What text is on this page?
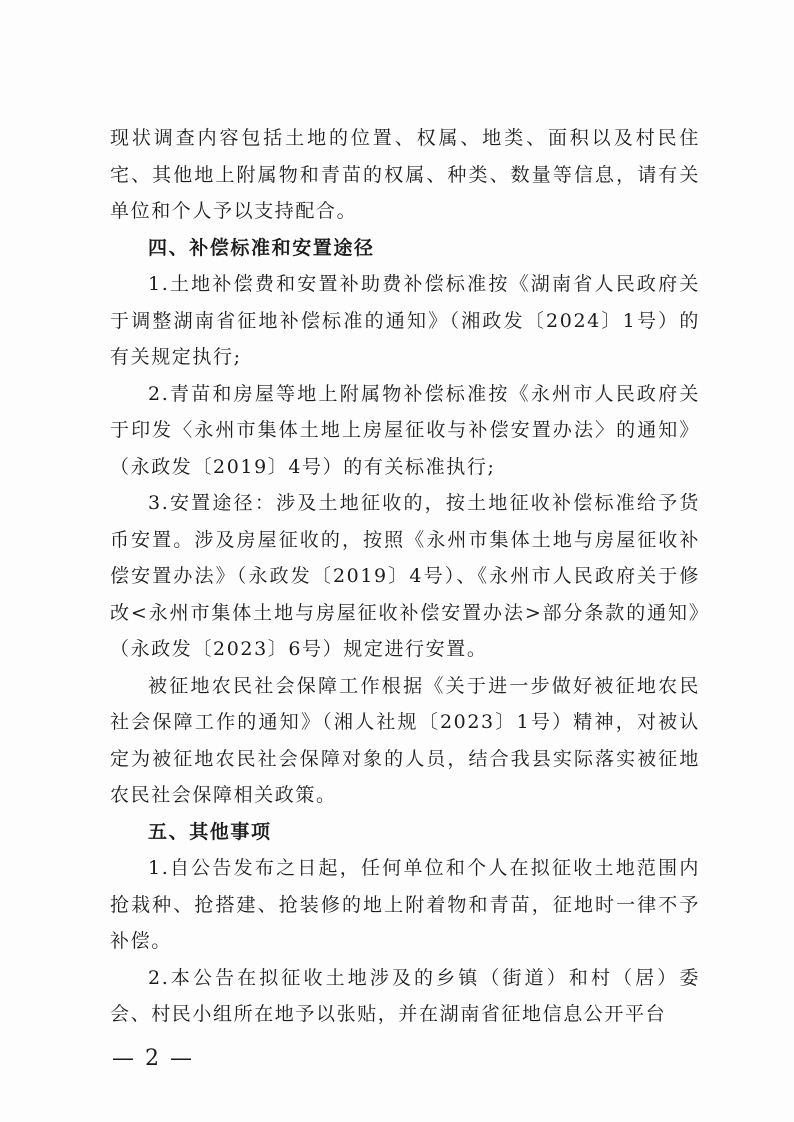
现状调查内容包括土地的位置、权属、地类、面积以及村民住宅、其他地上附属物和青苗的权属、种类、数量等信息，请有关单位和个人予以支持配合。

四、补偿标准和安置途径

1.土地补偿费和安置补助费补偿标准按《湖南省人民政府关于调整湖南省征地补偿标准的通知》（湘政发〔2024〕1号）的有关规定执行;

2.青苗和房屋等地上附属物补偿标准按《永州市人民政府关于印发〈永州市集体土地上房屋征收与补偿安置办法〉的通知》（永政发〔2019〕4号）的有关标准执行;

3.安置途径：涉及土地征收的，按土地征收补偿标准给予货币安置。涉及房屋征收的，按照《永州市集体土地与房屋征收补偿安置办法》（永政发〔2019〕4号）、《永州市人民政府关于修改<永州市集体土地与房屋征收补偿安置办法>部分条款的通知》（永政发〔2023〕6号）规定进行安置。

被征地农民社会保障工作根据《关于进一步做好被征地农民社会保障工作的通知》（湘人社规〔2023〕1号）精神，对被认定为被征地农民社会保障对象的人员，结合我县实际落实被征地农民社会保障相关政策。

五、其他事项

1.自公告发布之日起，任何单位和个人在拟征收土地范围内抢栽种、抢搭建、抢装修的地上附着物和青苗，征地时一律不予补偿。

2.本公告在拟征收土地涉及的乡镇（街道）和村（居）委会、村民小组所在地予以张贴，并在湖南省征地信息公开平台

— 2 —
